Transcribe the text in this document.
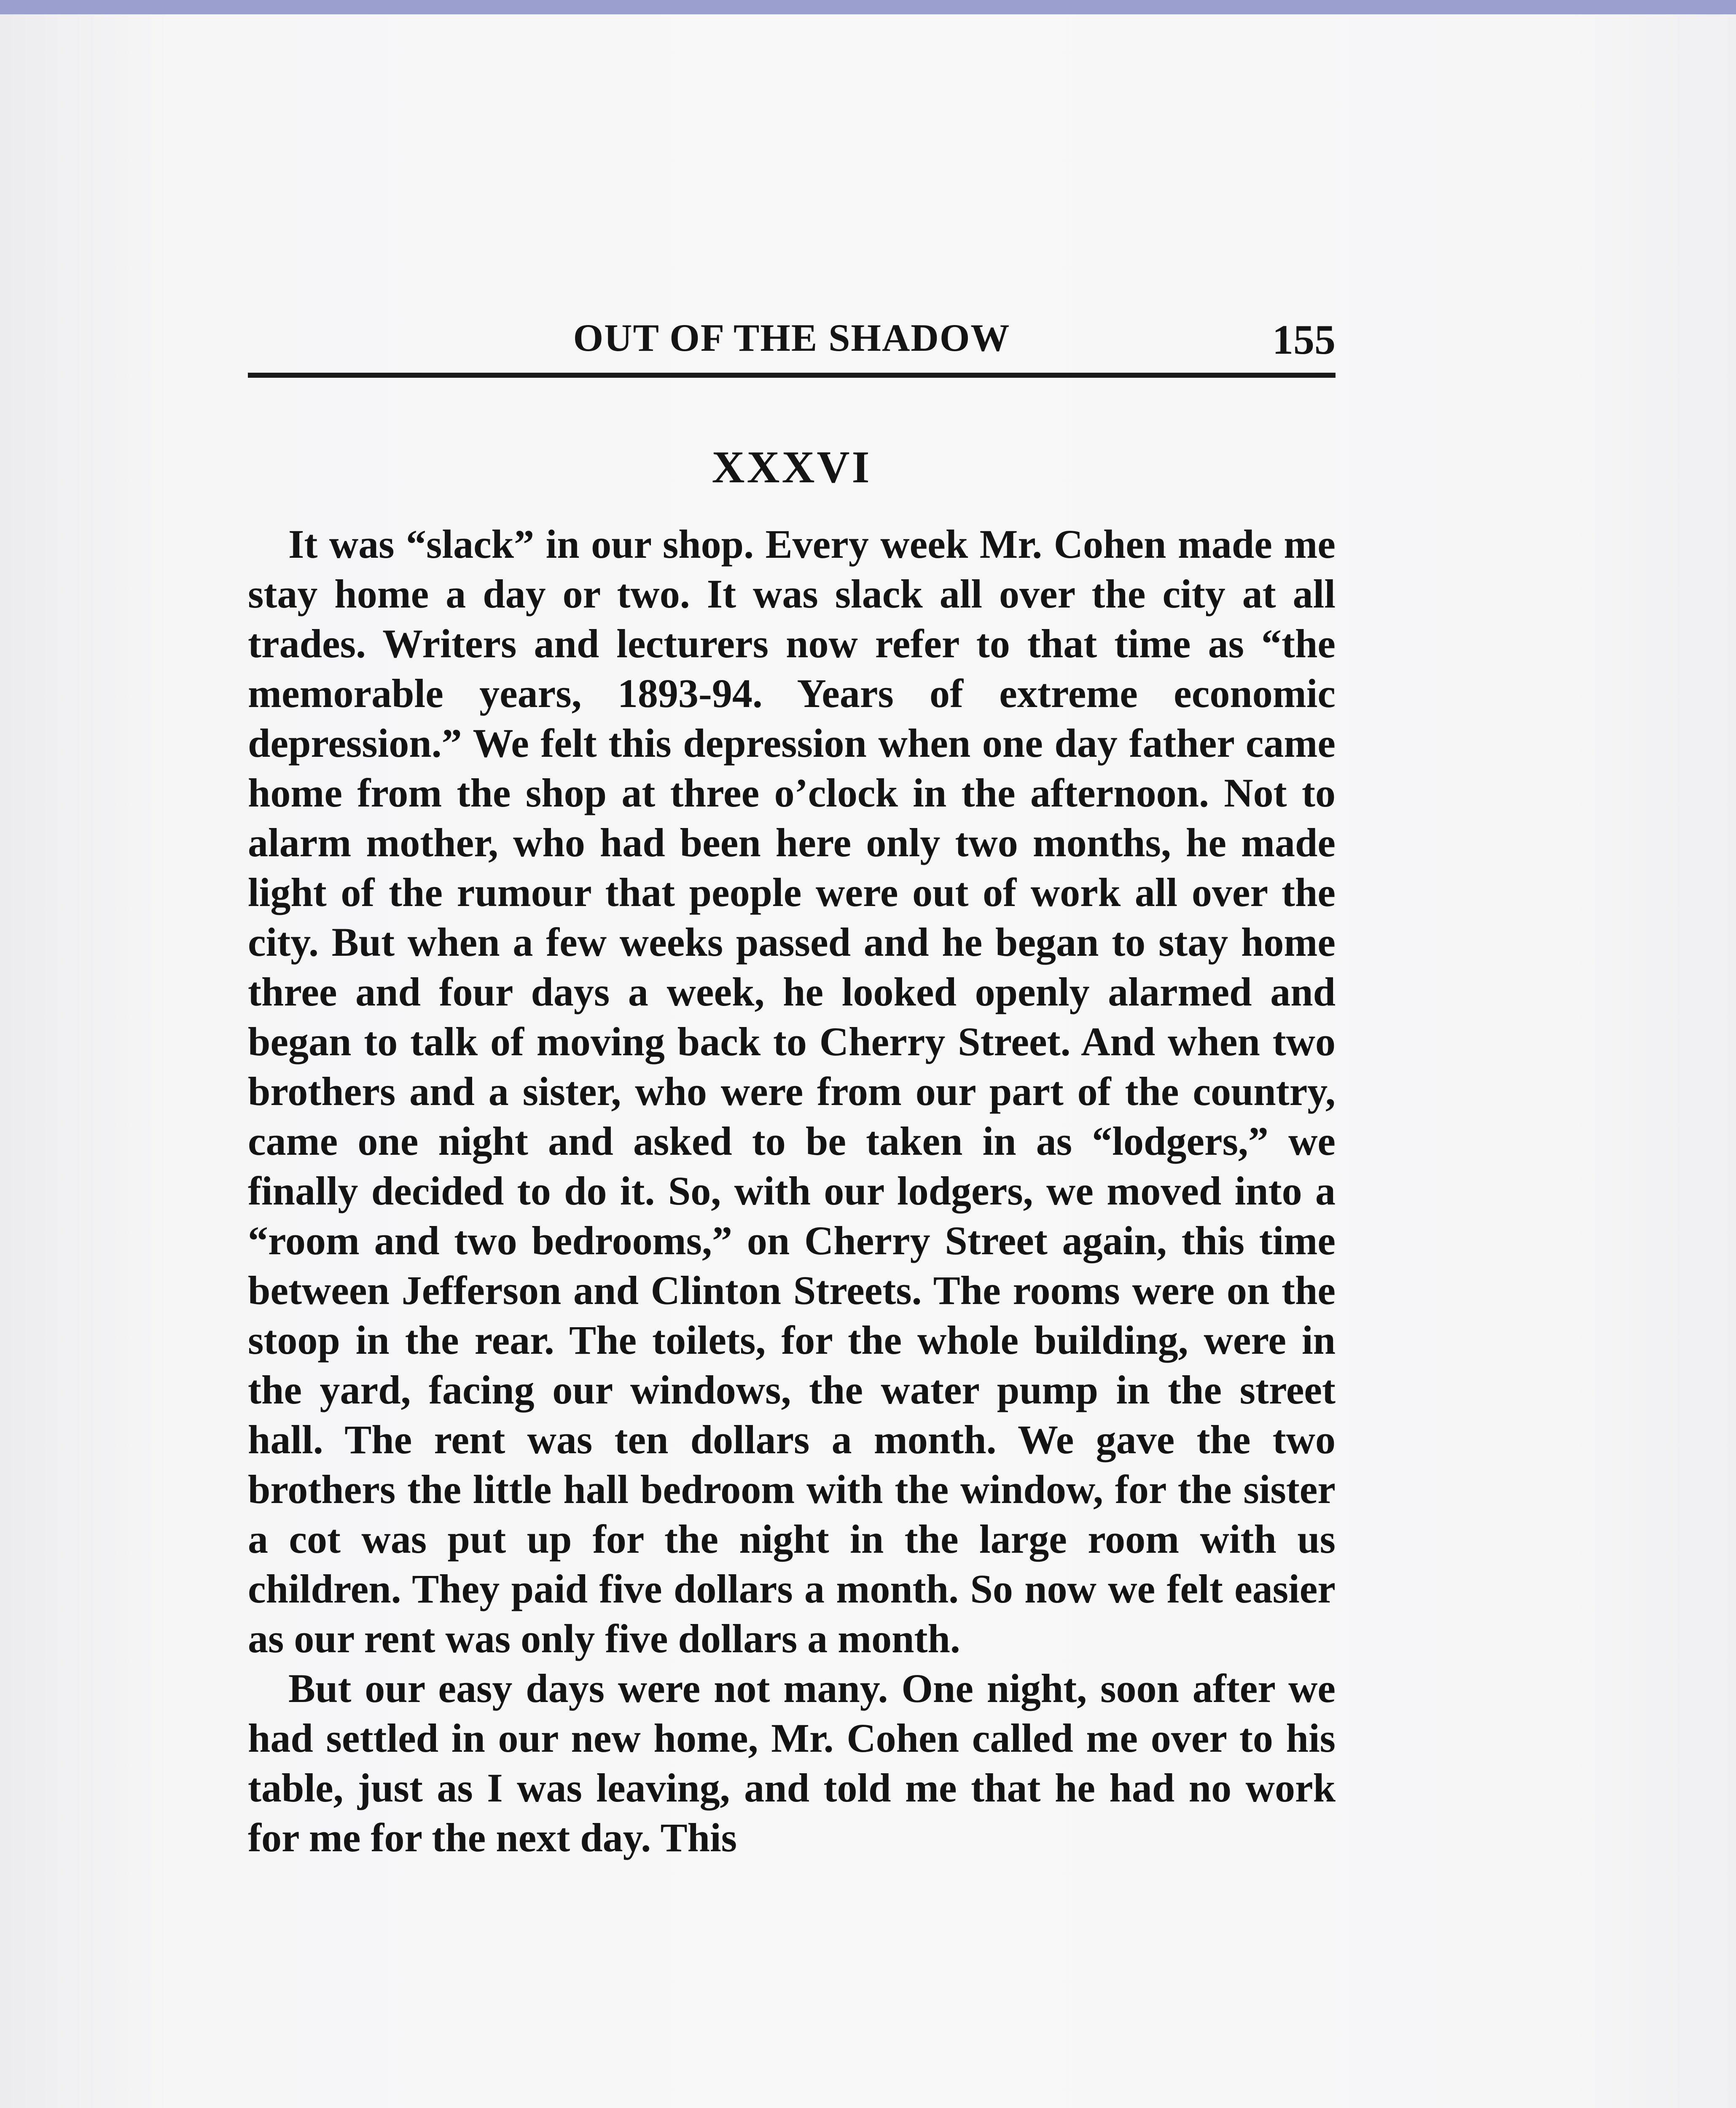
OUT OF THE SHADOW	155
XXXVI

It was “slack” in our shop. Every week Mr. Cohen made me stay home a day or two. It was slack all over the city at all trades. Writers and lecturers now refer to that time as “the memorable years, 1893-94. Years of extreme economic depression.” We felt this depression when one day father came home from the shop at three o’clock in the afternoon. Not to alarm mother, who had been here only two months, he made light of the rumour that people were out of work all over the city. But when a few weeks passed and he began to stay home three and four days a week, he looked openly alarmed and began to talk of moving back to Cherry Street. And when two brothers and a sister, who were from our part of the country, came one night and asked to be taken in as “lodgers,” we finally decided to do it. So, with our lodgers, we moved into a “room and two bedrooms,” on Cherry Street again, this time between Jefferson and Clinton Streets. The rooms were on the stoop in the rear. The toilets, for the whole building, were in the yard, facing our windows, the water pump in the street hall. The rent was ten dollars a month. We gave the two brothers the little hall bedroom with the window, for the sister a cot was put up for the night in the large room with us children. They paid five dollars a month. So now we felt easier as our rent was only five dollars a month.

But our easy days were not many. One night, soon after we had settled in our new home, Mr. Cohen called me over to his table, just as I was leaving, and told me that he had no work for me for the next day. This
